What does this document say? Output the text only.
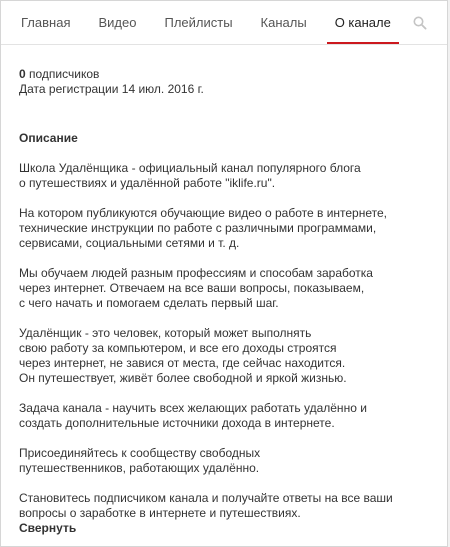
Главная	Видео	Плейлисты	Каналы	О канале
0 подписчиков
Дата регистрации 14 июл. 2016 г.
Описание

Школа Удалёнщика - официальный канал популярного блога
о путешествиях и удалённой работе "iklife.ru".

На котором публикуются обучающие видео о работе в интернете,
технические инструкции по работе с различными программами,
сервисами, социальными сетями и т. д.

Мы обучаем людей разным профессиям и способам заработка
через интернет. Отвечаем на все ваши вопросы, показываем,
с чего начать и помогаем сделать первый шаг.

Удалёнщик - это человек, который может выполнять
свою работу за компьютером, и все его доходы строятся
через интернет, не завися от места, где сейчас находится.
Он путешествует, живёт более свободной и яркой жизнью.

Задача канала - научить всех желающих работать удалённо и
создать дополнительные источники дохода в интернете.

Присоединяйтесь к сообществу свободных
путешественников, работающих удалённо.

Становитесь подписчиком канала и получайте ответы на все ваши
вопросы о заработке в интернете и путешествиях.

Свернуть
